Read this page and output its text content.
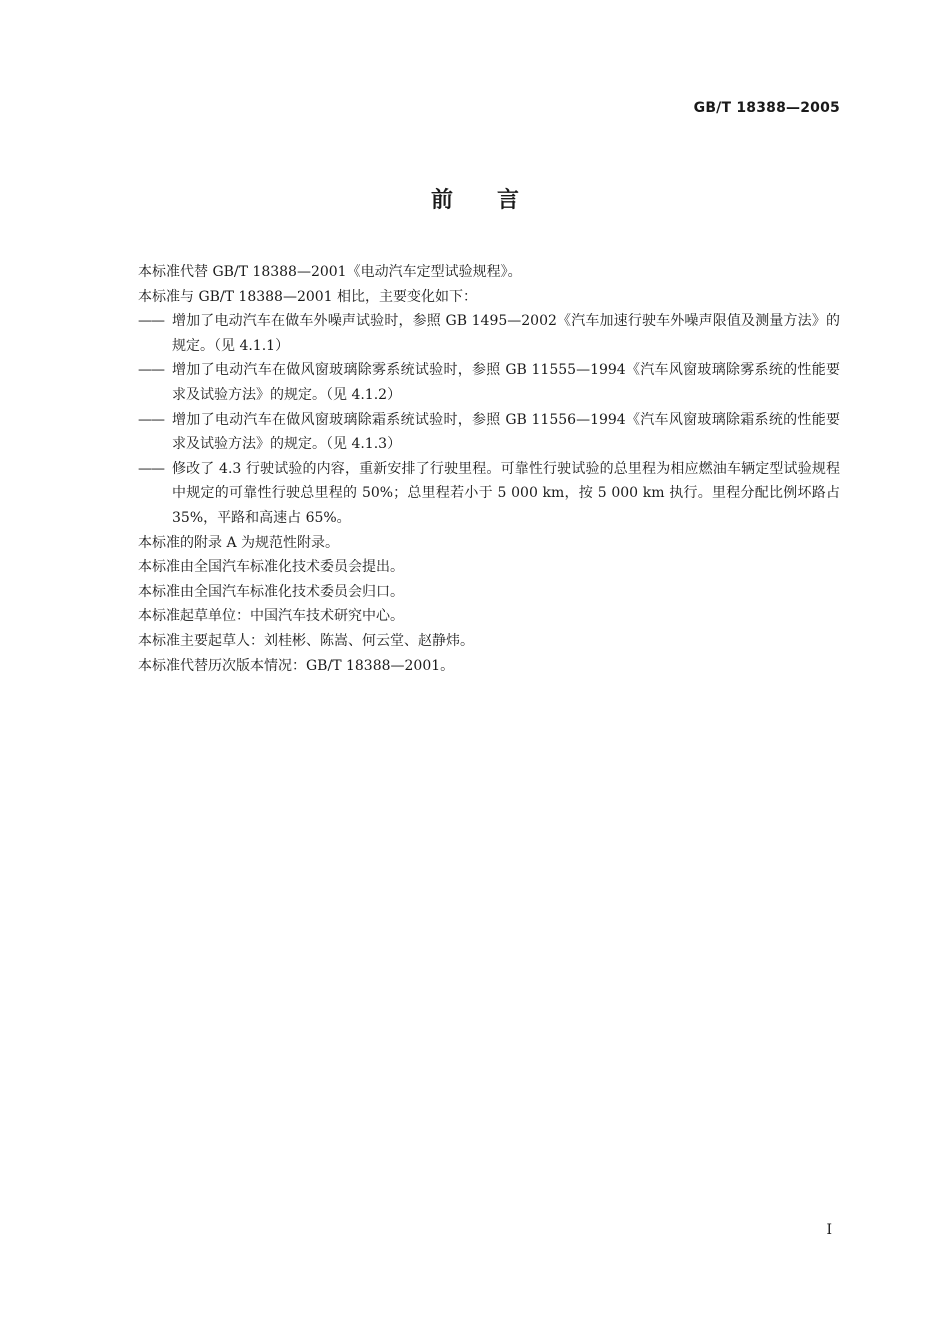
GB/T 18388—2005
前言

本标准代替 GB/T 18388—2001《电动汽车定型试验规程》。

本标准与 GB/T 18388—2001 相比，主要变化如下：

—— 增加了电动汽车在做车外噪声试验时，参照 GB 1495—2002《汽车加速行驶车外噪声限值及测量方法》的规定。（见 4.1.1）
—— 增加了电动汽车在做风窗玻璃除雾系统试验时，参照 GB 11555—1994《汽车风窗玻璃除雾系统的性能要求及试验方法》的规定。（见 4.1.2）
—— 增加了电动汽车在做风窗玻璃除霜系统试验时，参照 GB 11556—1994《汽车风窗玻璃除霜系统的性能要求及试验方法》的规定。（见 4.1.3）
—— 修改了 4.3 行驶试验的内容，重新安排了行驶里程。可靠性行驶试验的总里程为相应燃油车辆定型试验规程中规定的可靠性行驶总里程的 50%；总里程若小于 5 000 km，按 5 000 km 执行。里程分配比例坏路占 35%，平路和高速占 65%。

本标准的附录 A 为规范性附录。

本标准由全国汽车标准化技术委员会提出。

本标准由全国汽车标准化技术委员会归口。

本标准起草单位：中国汽车技术研究中心。

本标准主要起草人：刘桂彬、陈嵩、何云堂、赵静炜。

本标准代替历次版本情况：GB/T 18388—2001。

I
